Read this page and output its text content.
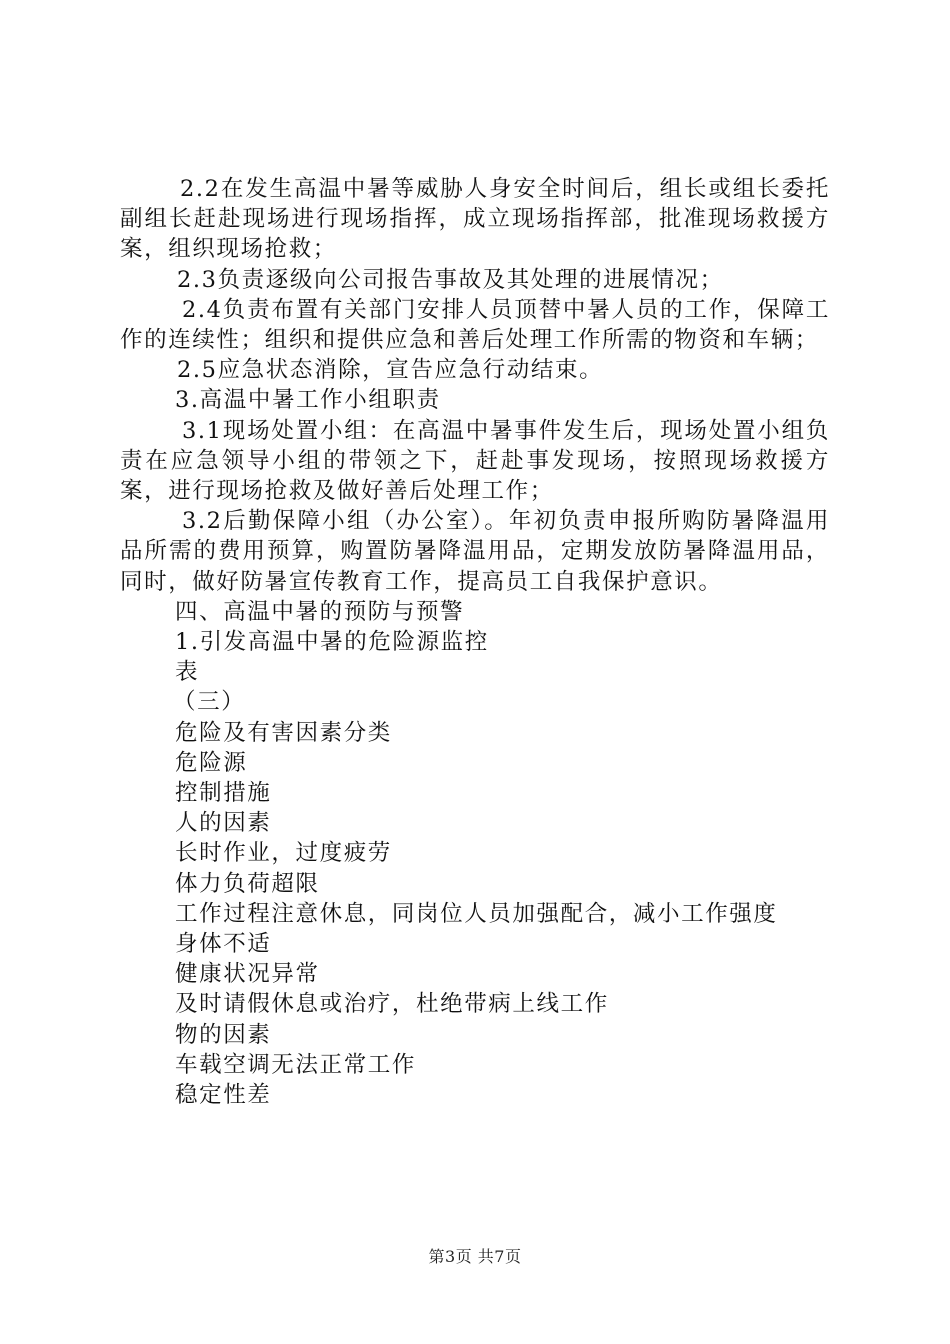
2.2在发生高温中暑等威胁人身安全时间后，组长或组长委托副组长赶赴现场进行现场指挥，成立现场指挥部，批准现场救援方案，组织现场抢救；

2.3负责逐级向公司报告事故及其处理的进展情况；

2.4负责布置有关部门安排人员顶替中暑人员的工作，保障工作的连续性；组织和提供应急和善后处理工作所需的物资和车辆；

2.5应急状态消除，宣告应急行动结束。

3.高温中暑工作小组职责

3.1现场处置小组：在高温中暑事件发生后，现场处置小组负责在应急领导小组的带领之下，赶赴事发现场，按照现场救援方案，进行现场抢救及做好善后处理工作；

3.2后勤保障小组（办公室）。年初负责申报所购防暑降温用品所需的费用预算，购置防暑降温用品，定期发放防暑降温用品，同时，做好防暑宣传教育工作，提高员工自我保护意识。

四、高温中暑的预防与预警

1.引发高温中暑的危险源监控

表

（三）

危险及有害因素分类

危险源

控制措施

人的因素

长时作业，过度疲劳

体力负荷超限

工作过程注意休息，同岗位人员加强配合，减小工作强度

身体不适

健康状况异常

及时请假休息或治疗，杜绝带病上线工作

物的因素

车载空调无法正常工作

稳定性差

第3页 共7页
